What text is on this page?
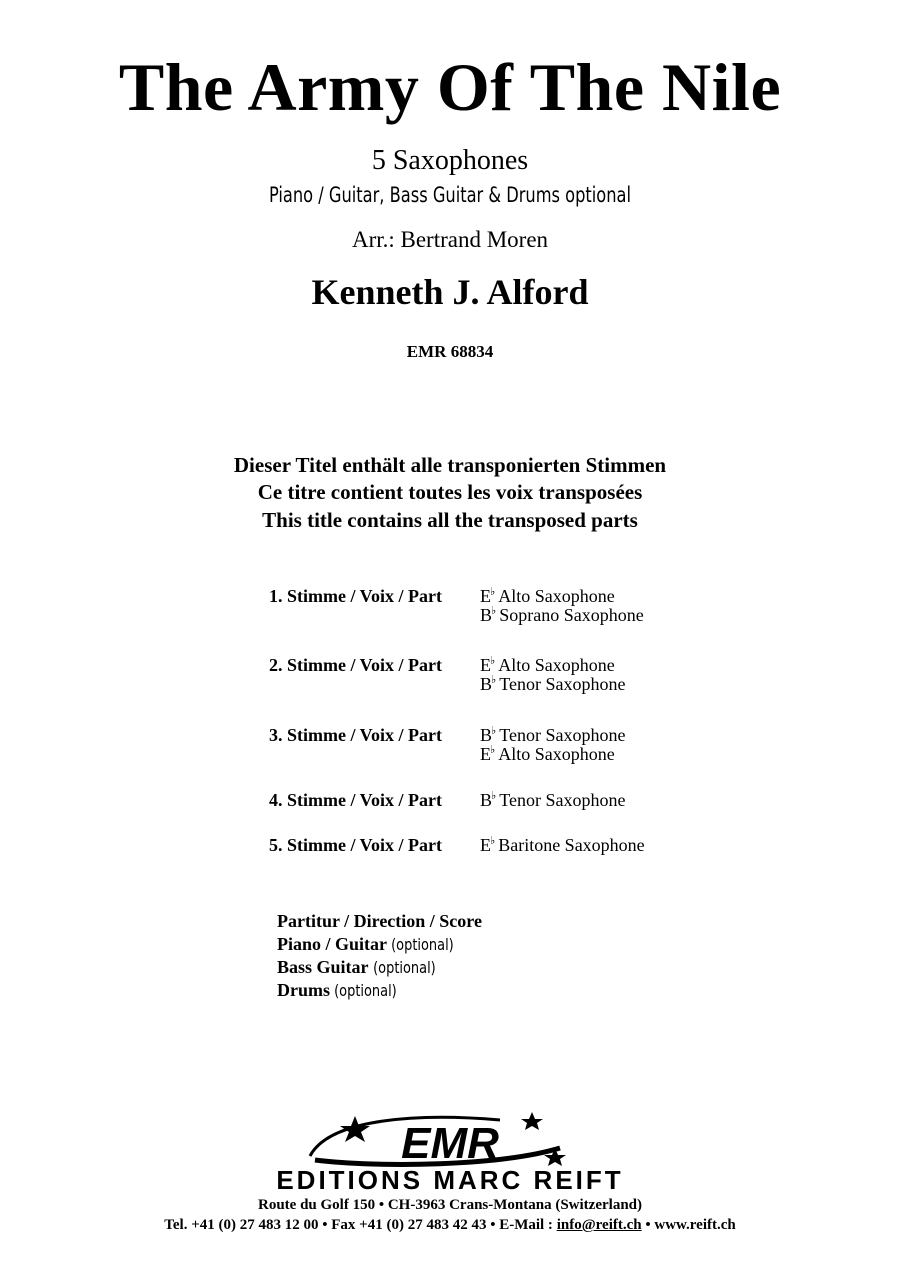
The Army Of The Nile
5 Saxophones
Piano / Guitar, Bass Guitar & Drums optional
Arr.: Bertrand Moren
Kenneth J. Alford
EMR 68834
Dieser Titel enthält alle transponierten Stimmen
Ce titre contient toutes les voix transposées
This title contains all the transposed parts
1. Stimme / Voix / Part E♭ Alto Saxophone
B♭ Soprano Saxophone
2. Stimme / Voix / Part E♭ Alto Saxophone
B♭ Tenor Saxophone
3. Stimme / Voix / Part B♭ Tenor Saxophone
E♭ Alto Saxophone
4. Stimme / Voix / Part B♭ Tenor Saxophone
5. Stimme / Voix / Part E♭ Baritone Saxophone
Partitur / Direction / Score
Piano / Guitar (optional)
Bass Guitar (optional)
Drums (optional)
EMR
EDITIONS MARC REIFT
Route du Golf 150 • CH-3963 Crans-Montana (Switzerland)
Tel. +41 (0) 27 483 12 00 • Fax +41 (0) 27 483 42 43 • E-Mail : info@reift.ch • www.reift.ch
